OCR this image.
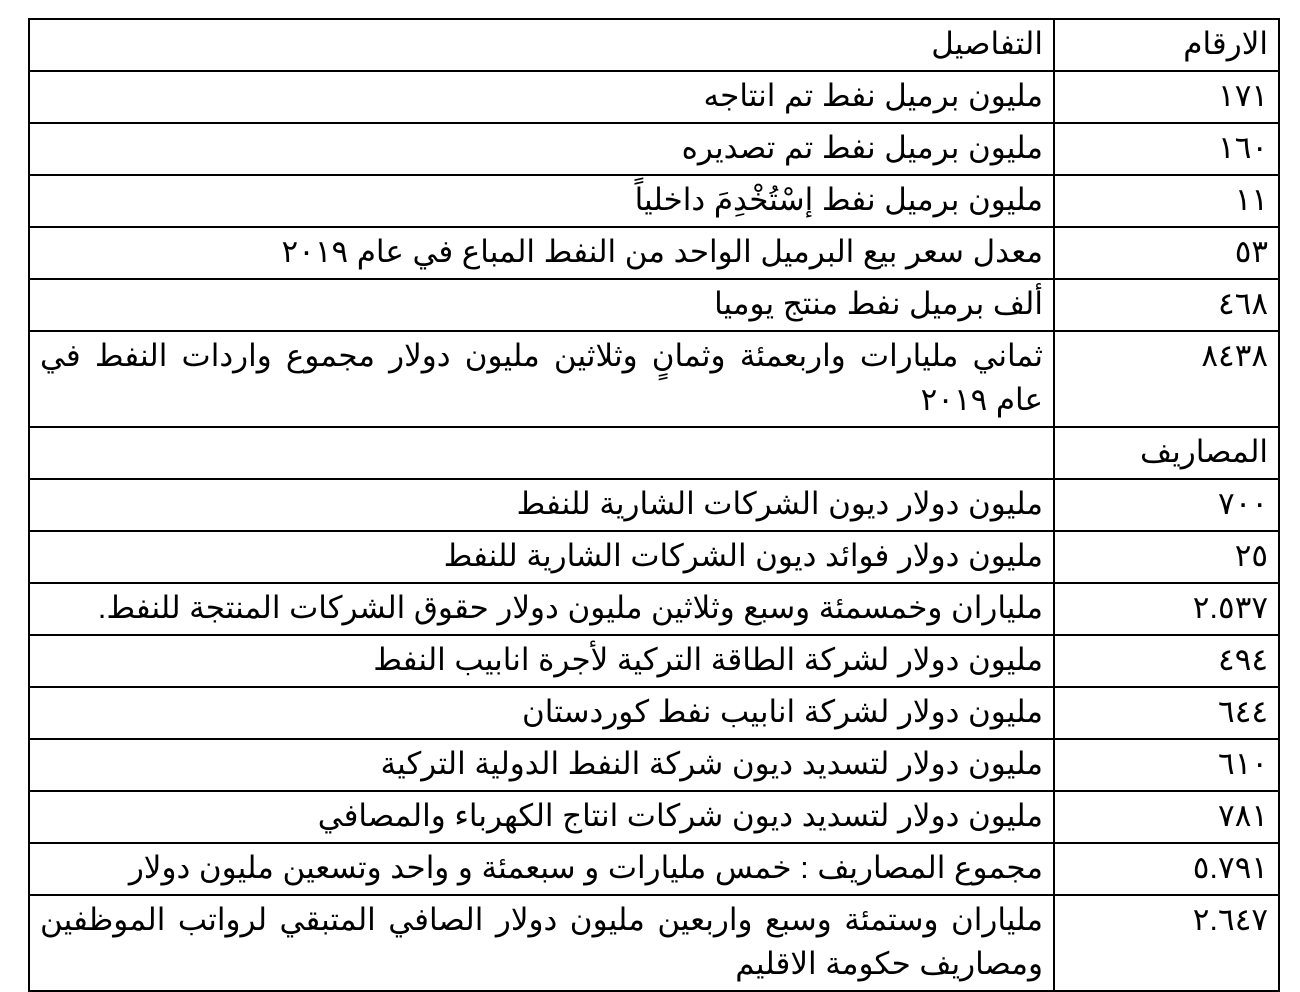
الارقام	التفاصيل
١٧١	مليون برميل نفط تم انتاجه
١٦٠	مليون برميل نفط تم تصديره
١١	مليون برميل نفط إسْتُخْدِمَ داخلياً
٥٣	معدل سعر بيع البرميل الواحد من النفط المباع في عام ٢٠١٩
٤٦٨	ألف برميل نفط منتج يوميا
٨٤٣٨	ثماني مليارات واربعمئة وثمانٍ وثلاثين مليون دولار مجموع واردات النفط في عام ٢٠١٩
المصاريف	
٧٠٠	مليون دولار ديون الشركات الشارية للنفط
٢٥	مليون دولار فوائد ديون الشركات الشارية للنفط
٢.٥٣٧	ملياران وخمسمئة وسبع وثلاثين مليون دولار حقوق الشركات المنتجة للنفط.
٤٩٤	مليون دولار لشركة الطاقة التركية لأجرة انابيب النفط
٦٤٤	مليون دولار لشركة انابيب نفط كوردستان
٦١٠	مليون دولار لتسديد ديون شركة النفط الدولية التركية
٧٨١	مليون دولار لتسديد ديون شركات انتاج الكهرباء والمصافي
٥.٧٩١	مجموع المصاريف : خمس مليارات و سبعمئة و واحد وتسعين مليون دولار
٢.٦٤٧	ملياران وستمئة وسبع واربعين مليون دولار الصافي المتبقي لرواتب الموظفين ومصاريف حكومة الاقليم
